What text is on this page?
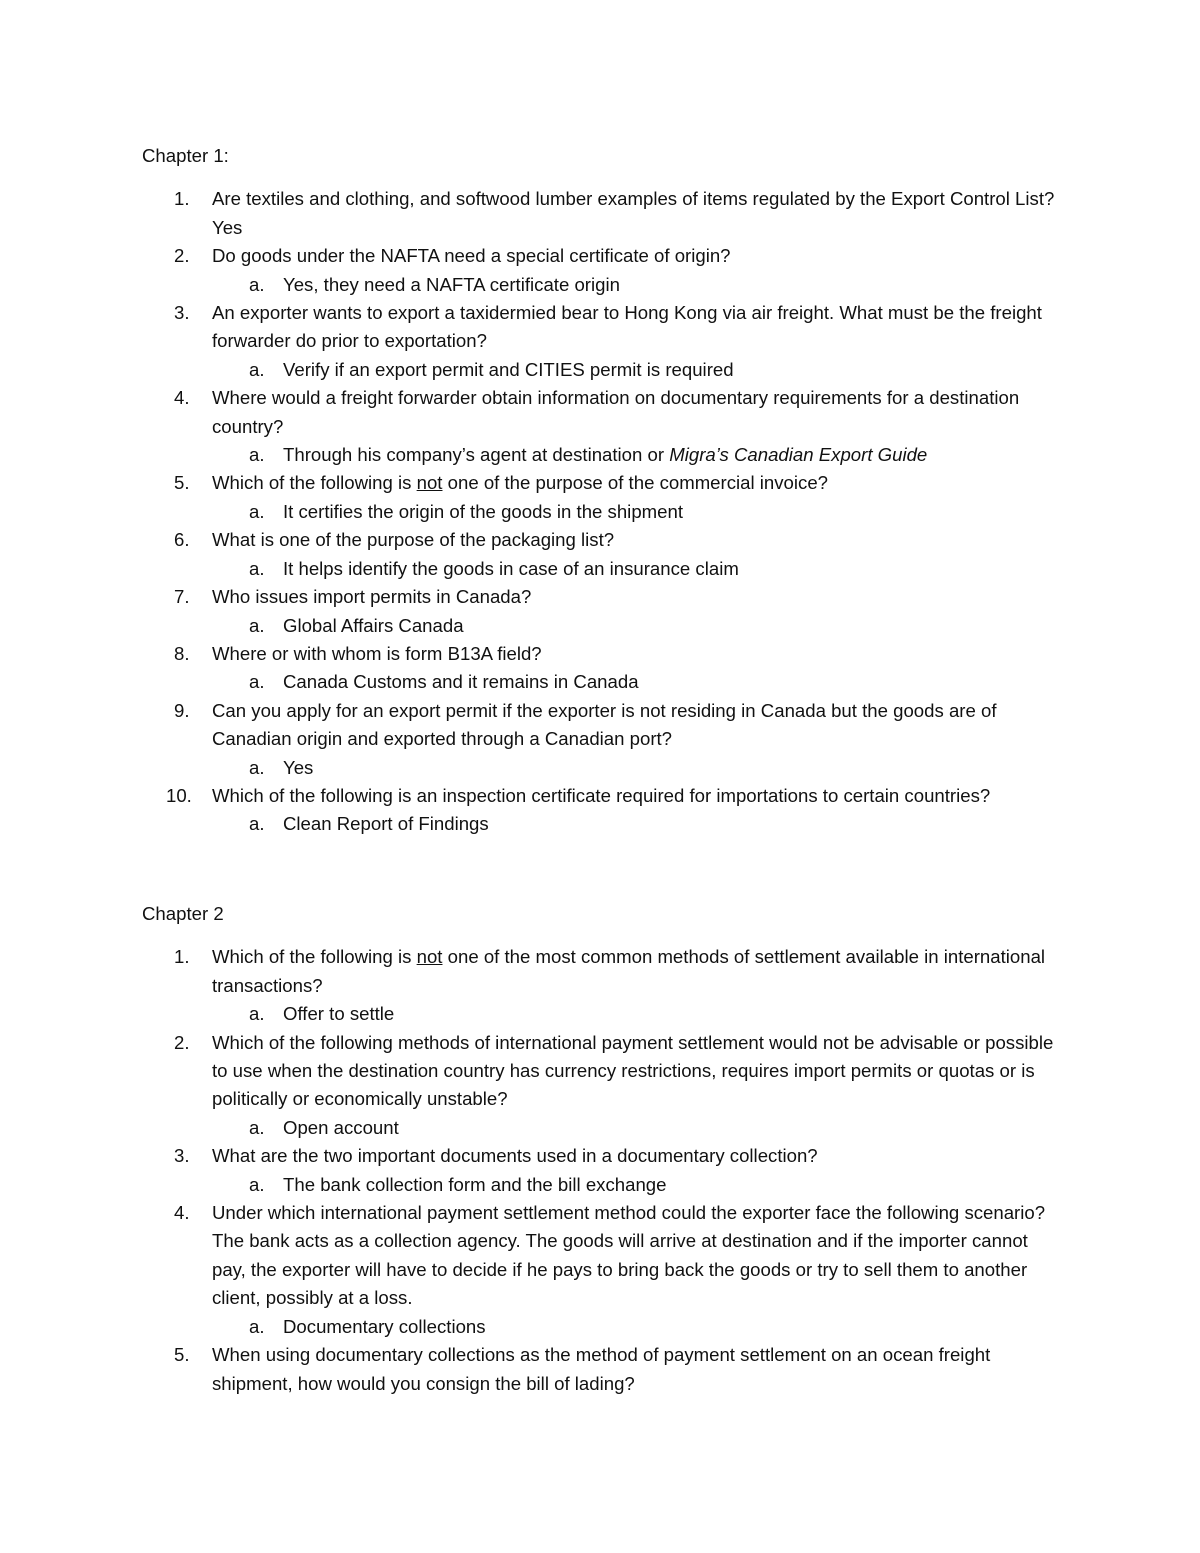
Chapter 1:
1. Are textiles and clothing, and softwood lumber examples of items regulated by the Export Control List? Yes
2. Do goods under the NAFTA need a special certificate of origin?
a. Yes, they need a NAFTA certificate origin
3. An exporter wants to export a taxidermied bear to Hong Kong via air freight. What must be the freight forwarder do prior to exportation?
a. Verify if an export permit and CITIES permit is required
4. Where would a freight forwarder obtain information on documentary requirements for a destination country?
a. Through his company’s agent at destination or Migra’s Canadian Export Guide
5. Which of the following is not one of the purpose of the commercial invoice?
a. It certifies the origin of the goods in the shipment
6. What is one of the purpose of the packaging list?
a. It helps identify the goods in case of an insurance claim
7. Who issues import permits in Canada?
a. Global Affairs Canada
8. Where or with whom is form B13A field?
a. Canada Customs and it remains in Canada
9. Can you apply for an export permit if the exporter is not residing in Canada but the goods are of Canadian origin and exported through a Canadian port?
a. Yes
10. Which of the following is an inspection certificate required for importations to certain countries?
a. Clean Report of Findings
Chapter 2
1. Which of the following is not one of the most common methods of settlement available in international transactions?
a. Offer to settle
2. Which of the following methods of international payment settlement would not be advisable or possible to use when the destination country has currency restrictions, requires import permits or quotas or is politically or economically unstable?
a. Open account
3. What are the two important documents used in a documentary collection?
a. The bank collection form and the bill exchange
4. Under which international payment settlement method could the exporter face the following scenario? The bank acts as a collection agency. The goods will arrive at destination and if the importer cannot pay, the exporter will have to decide if he pays to bring back the goods or try to sell them to another client, possibly at a loss.
a. Documentary collections
5. When using documentary collections as the method of payment settlement on an ocean freight shipment, how would you consign the bill of lading?
